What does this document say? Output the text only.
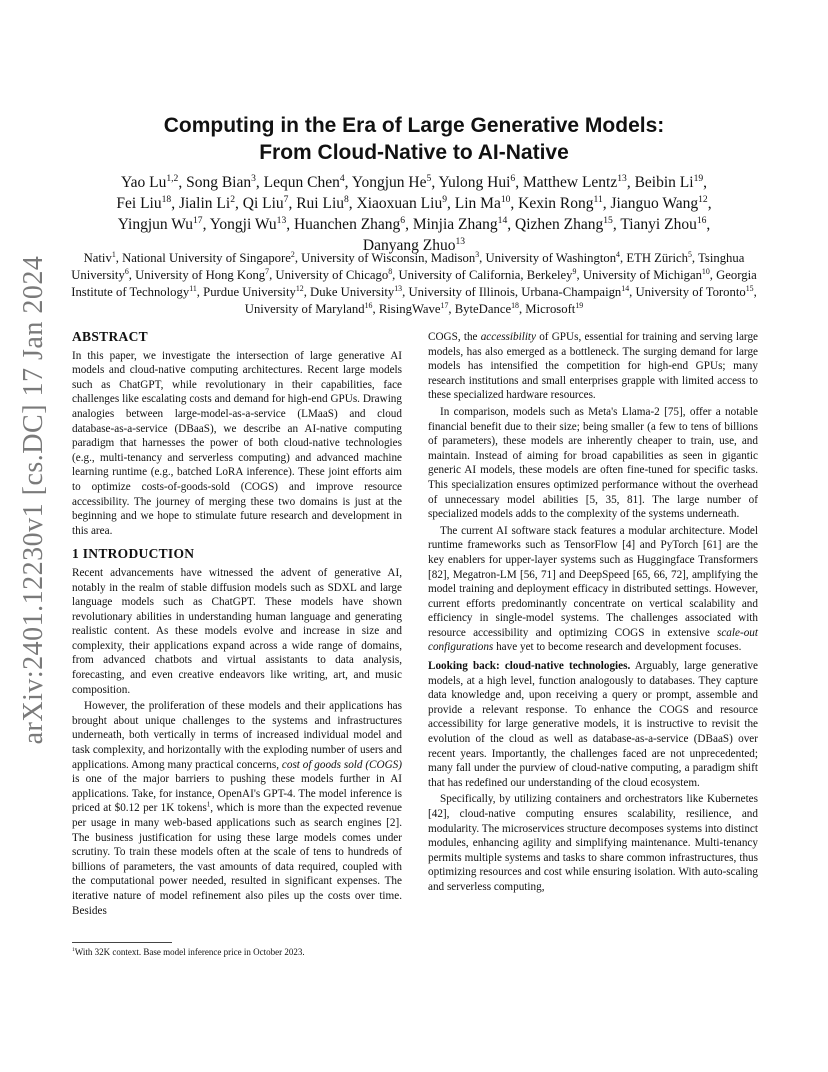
arXiv:2401.12230v1 [cs.DC] 17 Jan 2024
Computing in the Era of Large Generative Models:
From Cloud-Native to AI-Native
Yao Lu$^{1,2}$, Song Bian$^3$, Lequn Chen$^4$, Yongjun He$^5$, Yulong Hui$^6$, Matthew Lentz$^{13}$, Beibin Li$^{19}$, Fei Liu$^{18}$, Jialin Li$^2$, Qi Liu$^7$, Rui Liu$^8$, Xiaoxuan Liu$^9$, Lin Ma$^{10}$, Kexin Rong$^{11}$, Jianguo Wang$^{12}$, Yingjun Wu$^{17}$, Yongji Wu$^{13}$, Huanchen Zhang$^6$, Minjia Zhang$^{14}$, Qizhen Zhang$^{15}$, Tianyi Zhou$^{16}$, Danyang Zhuo$^{13}$
Nativ$^1$, National University of Singapore$^2$, University of Wisconsin, Madison$^3$, University of Washington$^4$, ETH Zürich$^5$, Tsinghua University$^6$, University of Hong Kong$^7$, University of Chicago$^8$, University of California, Berkeley$^9$, University of Michigan$^{10}$, Georgia Institute of Technology$^{11}$, Purdue University$^{12}$, Duke University$^{13}$, University of Illinois, Urbana-Champaign$^{14}$, University of Toronto$^{15}$, University of Maryland$^{16}$, RisingWave$^{17}$, ByteDance$^{18}$, Microsoft$^{19}$
ABSTRACT

In this paper, we investigate the intersection of large generative AI models and cloud-native computing architectures. Recent large models such as ChatGPT, while revolutionary in their capabilities, face challenges like escalating costs and demand for high-end GPUs. Drawing analogies between large-model-as-a-service (LMaaS) and cloud database-as-a-service (DBaaS), we describe an AI-native computing paradigm that harnesses the power of both cloud-native technologies (e.g., multi-tenancy and serverless computing) and advanced machine learning runtime (e.g., batched LoRA inference). These joint efforts aim to optimize costs-of-goods-sold (COGS) and improve resource accessibility. The journey of merging these two domains is just at the beginning and we hope to stimulate future research and development in this area.

1 INTRODUCTION

Recent advancements have witnessed the advent of generative AI, notably in the realm of stable diffusion models such as SDXL and large language models such as ChatGPT. These models have shown revolutionary abilities in understanding human language and generating realistic content. As these models evolve and increase in size and complexity, their applications expand across a wide range of domains, from advanced chatbots and virtual assistants to data analysis, forecasting, and even creative endeavors like writing, art, and music composition.

However, the proliferation of these models and their applications has brought about unique challenges to the systems and infrastructures underneath, both vertically in terms of increased individual model and task complexity, and horizontally with the exploding number of users and applications. Among many practical concerns, cost of goods sold (COGS) is one of the major barriers to pushing these models further in AI applications. Take, for instance, OpenAI's GPT-4. The model inference is priced at $0.12 per 1K tokens$^1$, which is more than the expected revenue per usage in many web-based applications such as search engines [2]. The business justification for using these large models comes under scrutiny. To train these models often at the scale of tens to hundreds of billions of parameters, the vast amounts of data required, coupled with the computational power needed, resulted in significant expenses. The iterative nature of model refinement also piles up the costs over time. Besides

$^1$With 32K context. Base model inference price in October 2023.

COGS, the accessibility of GPUs, essential for training and serving large models, has also emerged as a bottleneck. The surging demand for large models has intensified the competition for high-end GPUs; many research institutions and small enterprises grapple with limited access to these specialized hardware resources.

In comparison, models such as Meta's Llama-2 [75], offer a notable financial benefit due to their size; being smaller (a few to tens of billions of parameters), these models are inherently cheaper to train, use, and maintain. Instead of aiming for broad capabilities as seen in gigantic generic AI models, these models are often fine-tuned for specific tasks. This specialization ensures optimized performance without the overhead of unnecessary model abilities [5, 35, 81]. The large number of specialized models adds to the complexity of the systems underneath.

The current AI software stack features a modular architecture. Model runtime frameworks such as TensorFlow [4] and PyTorch [61] are the key enablers for upper-layer systems such as Huggingface Transformers [82], Megatron-LM [56, 71] and DeepSpeed [65, 66, 72], amplifying the model training and deployment efficacy in distributed settings. However, current efforts predominantly concentrate on vertical scalability and efficiency in single-model systems. The challenges associated with resource accessibility and optimizing COGS in extensive scale-out configurations have yet to become research and development focuses.

Looking back: cloud-native technologies. Arguably, large generative models, at a high level, function analogously to databases. They capture data knowledge and, upon receiving a query or prompt, assemble and provide a relevant response. To enhance the COGS and resource accessibility for large generative models, it is instructive to revisit the evolution of the cloud as well as database-as-a-service (DBaaS) over recent years. Importantly, the challenges faced are not unprecedented; many fall under the purview of cloud-native computing, a paradigm shift that has redefined our understanding of the cloud ecosystem.

Specifically, by utilizing containers and orchestrators like Kubernetes [42], cloud-native computing ensures scalability, resilience, and modularity. The microservices structure decomposes systems into distinct modules, enhancing agility and simplifying maintenance. Multi-tenancy permits multiple systems and tasks to share common infrastructures, thus optimizing resources and cost while ensuring isolation. With auto-scaling and serverless computing,
